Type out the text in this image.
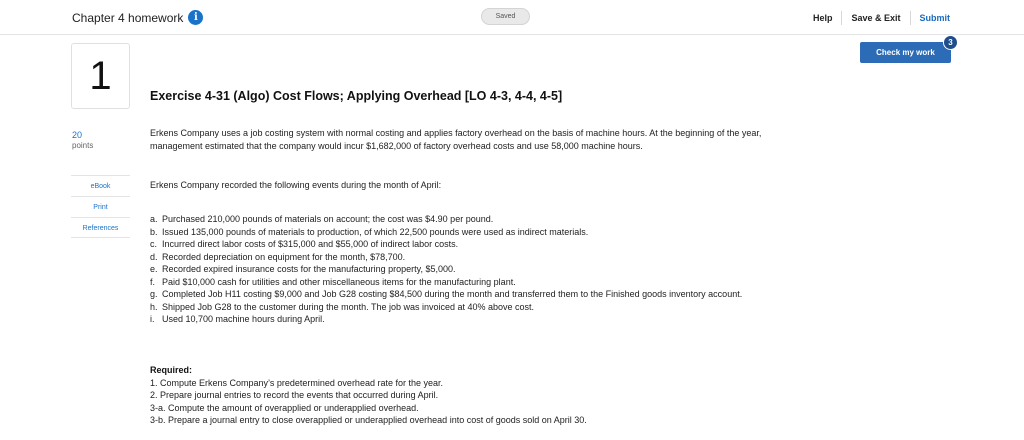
Chapter 4 homework	i	Saved	Help Save & Exit Submit
Check my work
3
1
20
points
eBook
Print
References
Exercise 4-31 (Algo) Cost Flows; Applying Overhead [LO 4-3, 4-4, 4-5]

Erkens Company uses a job costing system with normal costing and applies factory overhead on the basis of machine hours. At the beginning of the year, management estimated that the company would incur $1,682,000 of factory overhead costs and use 58,000 machine hours.

Erkens Company recorded the following events during the month of April:

a. Purchased 210,000 pounds of materials on account; the cost was $4.90 per pound.
b. Issued 135,000 pounds of materials to production, of which 22,500 pounds were used as indirect materials.
c. Incurred direct labor costs of $315,000 and $55,000 of indirect labor costs.
d. Recorded depreciation on equipment for the month, $78,700.
e. Recorded expired insurance costs for the manufacturing property, $5,000.
f. Paid $10,000 cash for utilities and other miscellaneous items for the manufacturing plant.
g. Completed Job H11 costing $9,000 and Job G28 costing $84,500 during the month and transferred them to the Finished goods inventory account.
h. Shipped Job G28 to the customer during the month. The job was invoiced at 40% above cost.
i. Used 10,700 machine hours during April.
Required:
1. Compute Erkens Company’s predetermined overhead rate for the year.
2. Prepare journal entries to record the events that occurred during April.
3-a. Compute the amount of overapplied or underapplied overhead.
3-b. Prepare a journal entry to close overapplied or underapplied overhead into cost of goods sold on April 30.
